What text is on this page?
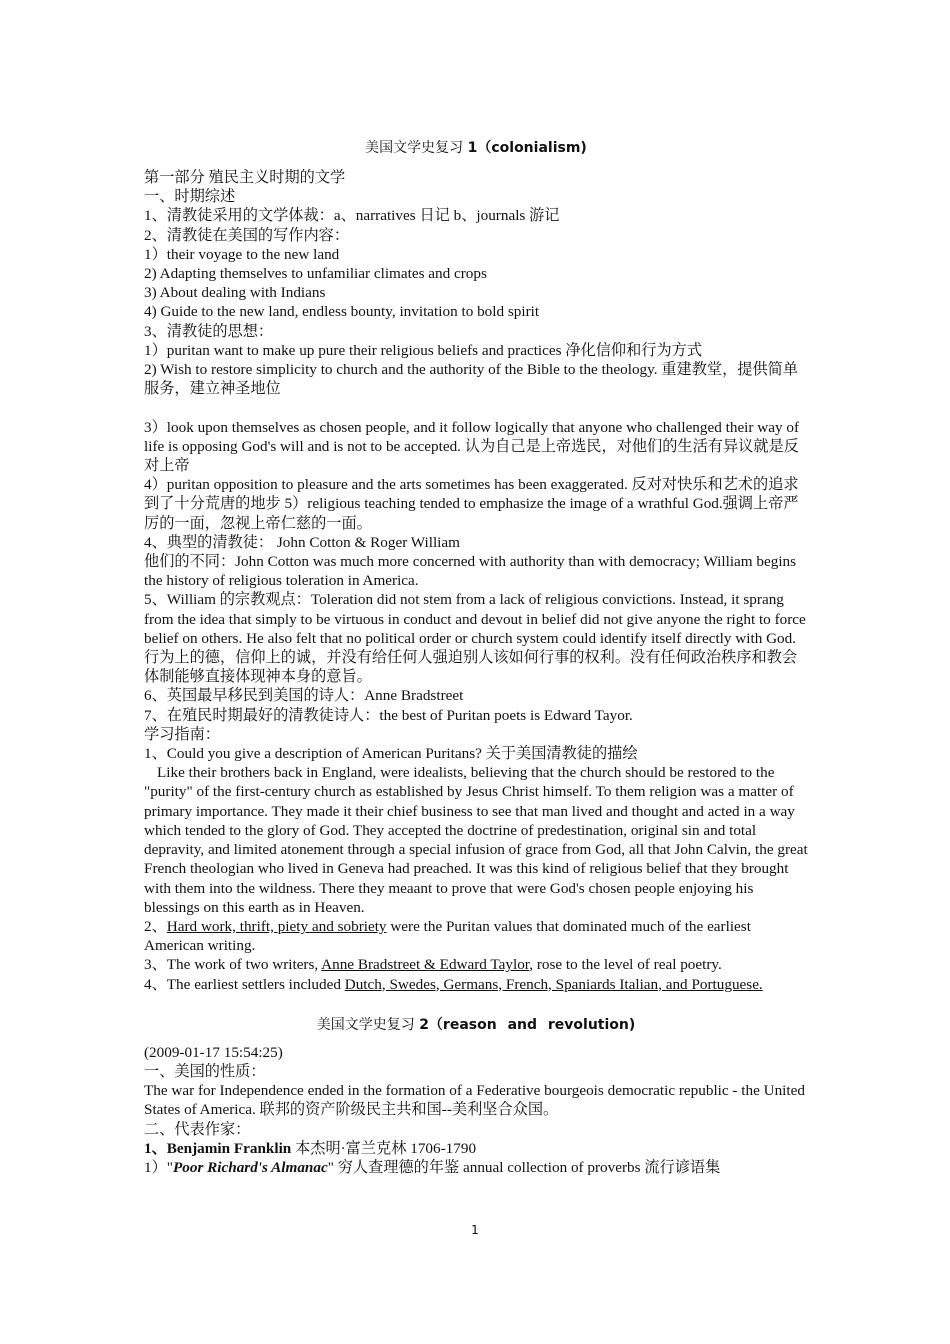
美国文学史复习 1（colonialism)

第一部分 殖民主义时期的文学

一、时期综述

1、清教徒采用的文学体裁：a、narratives 日记 b、journals 游记

2、清教徒在美国的写作内容：

1）their voyage to the new land

2) Adapting themselves to unfamiliar climates and crops

3) About dealing with Indians

4) Guide to the new land, endless bounty, invitation to bold spirit

3、清教徒的思想：

1）puritan want to make up pure their religious beliefs and practices 净化信仰和行为方式

2) Wish to restore simplicity to church and the authority of the Bible to the theology. 重建教堂，提供简单服务，建立神圣地位

3）look upon themselves as chosen people, and it follow logically that anyone who challenged their way of life is opposing God's will and is not to be accepted. 认为自己是上帝选民，对他们的生活有异议就是反对上帝

4）puritan opposition to pleasure and the arts sometimes has been exaggerated. 反对对快乐和艺术的追求到了十分荒唐的地步 5）religious teaching tended to emphasize the image of a wrathful God.强调上帝严厉的一面，忽视上帝仁慈的一面。

4、典型的清教徒： John Cotton & Roger William

他们的不同：John Cotton was much more concerned with authority than with democracy; William begins the history of religious toleration in America.

5、William 的宗教观点：Toleration did not stem from a lack of religious convictions. Instead, it sprang from the idea that simply to be virtuous in conduct and devout in belief did not give anyone the right to force belief on others. He also felt that no political order or church system could identify itself directly with God. 行为上的德，信仰上的诚，并没有给任何人强迫别人该如何行事的权利。没有任何政治秩序和教会体制能够直接体现神本身的意旨。

6、英国最早移民到美国的诗人：Anne Bradstreet

7、在殖民时期最好的清教徒诗人：the best of Puritan poets is Edward Tayor.

学习指南：

1、Could you give a description of American Puritans? 关于美国清教徒的描绘

Like their brothers back in England, were idealists, believing that the church should be restored to the "purity" of the first-century church as established by Jesus Christ himself. To them religion was a matter of primary importance. They made it their chief business to see that man lived and thought and acted in a way which tended to the glory of God. They accepted the doctrine of predestination, original sin and total depravity, and limited atonement through a special infusion of grace from God, all that John Calvin, the great French theologian who lived in Geneva had preached. It was this kind of religious belief that they brought with them into the wildness. There they meaant to prove that were God's chosen people enjoying his blessings on this earth as in Heaven.

2、Hard work, thrift, piety and sobriety were the Puritan values that dominated much of the earliest American writing.

3、The work of two writers, Anne Bradstreet & Edward Taylor, rose to the level of real poetry.

4、The earliest settlers included Dutch, Swedes, Germans, French, Spaniards Italian, and Portuguese.

美国文学史复习 2（reason and revolution)

(2009-01-17 15:54:25)

一、美国的性质：

The war for Independence ended in the formation of a Federative bourgeois democratic republic - the United States of America. 联邦的资产阶级民主共和国--美利坚合众国。

二、代表作家：

1、Benjamin Franklin 本杰明·富兰克林 1706-1790

1）"Poor Richard's Almanac" 穷人查理德的年鉴 annual collection of proverbs 流行谚语集

1
